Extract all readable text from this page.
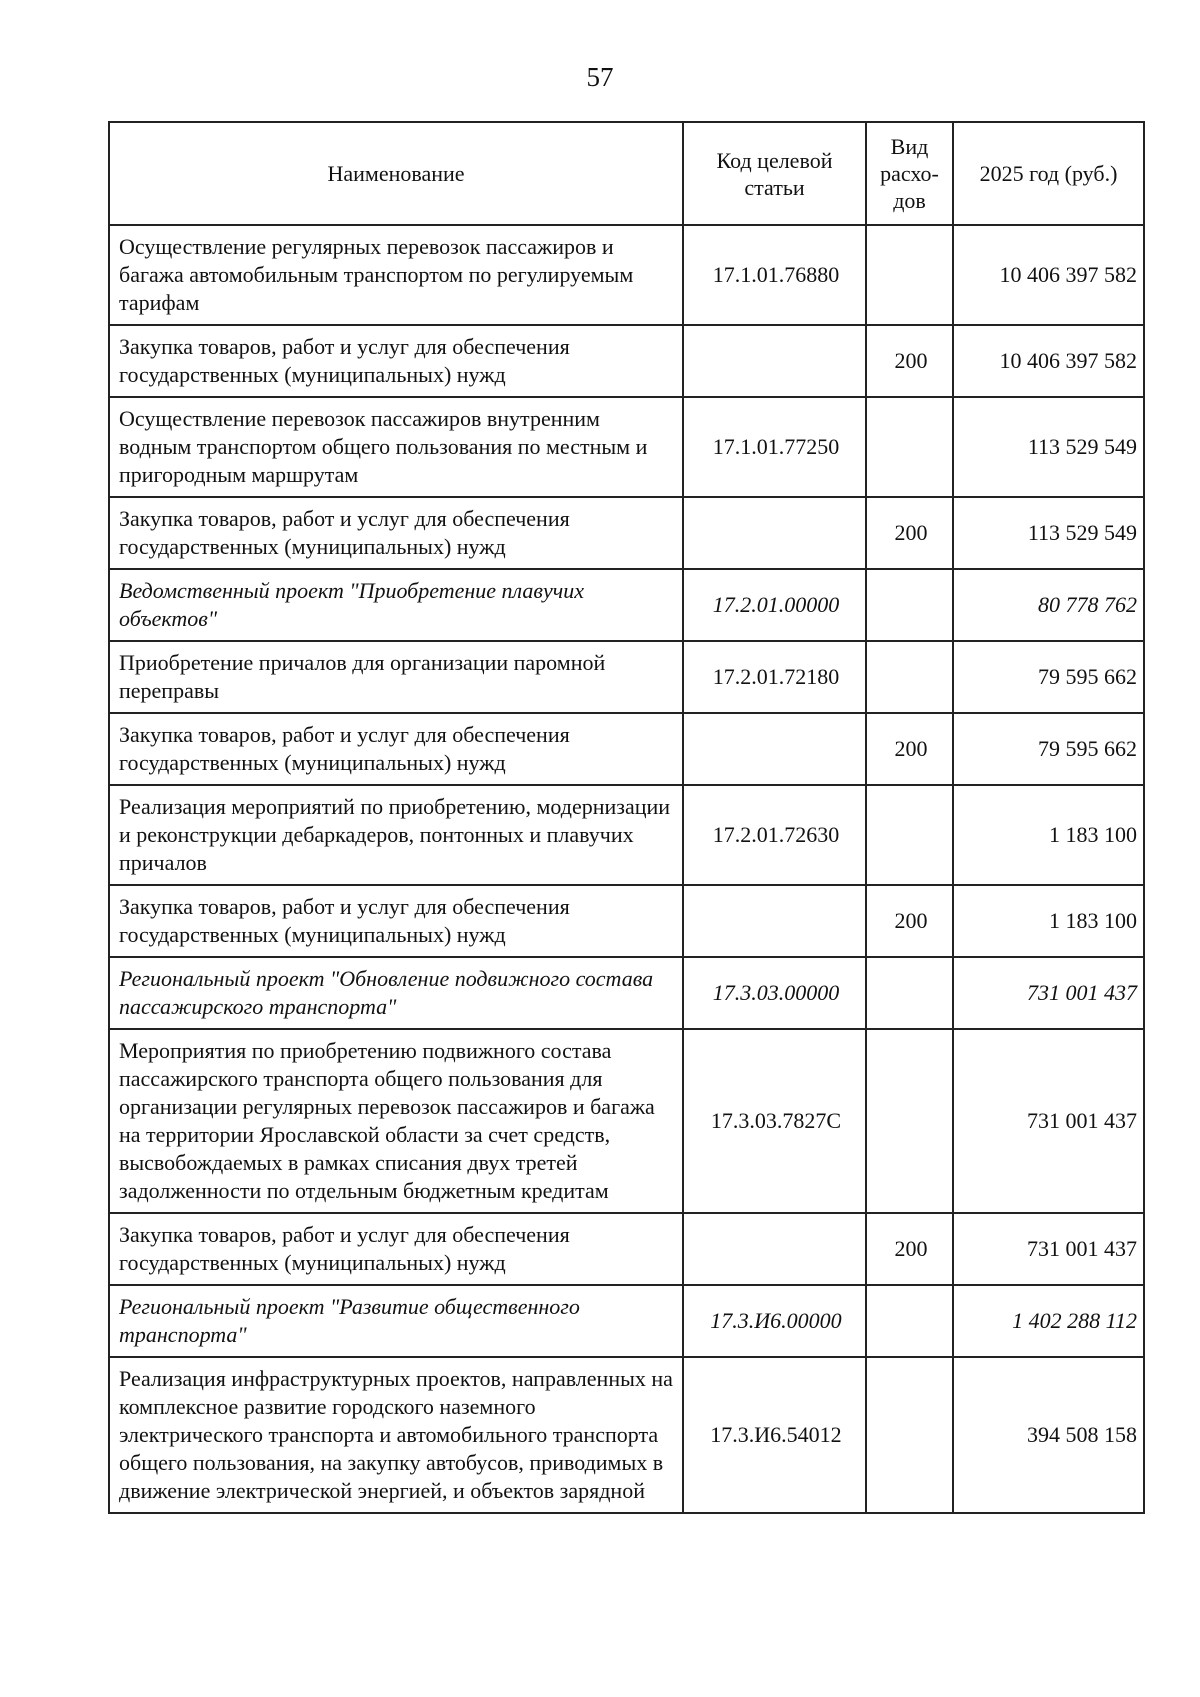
57
Наименование	Код целевой статьи	Вид расхо-дов	2025 год (руб.)
Осуществление регулярных перевозок пассажиров и багажа автомобильным транспортом по регулируемым тарифам	17.1.01.76880		10 406 397 582
Закупка товаров, работ и услуг для обеспечения государственных (муниципальных) нужд		200	10 406 397 582
Осуществление перевозок пассажиров внутренним водным транспортом общего пользования по местным и пригородным маршрутам	17.1.01.77250		113 529 549
Закупка товаров, работ и услуг для обеспечения государственных (муниципальных) нужд		200	113 529 549
Ведомственный проект "Приобретение плавучих объектов"	17.2.01.00000		80 778 762
Приобретение причалов для организации паромной переправы	17.2.01.72180		79 595 662
Закупка товаров, работ и услуг для обеспечения государственных (муниципальных) нужд		200	79 595 662
Реализация мероприятий по приобретению, модернизации и реконструкции дебаркадеров, понтонных и плавучих причалов	17.2.01.72630		1 183 100
Закупка товаров, работ и услуг для обеспечения государственных (муниципальных) нужд		200	1 183 100
Региональный проект "Обновление подвижного состава пассажирского транспорта"	17.3.03.00000		731 001 437
Мероприятия по приобретению подвижного состава пассажирского транспорта общего пользования для организации регулярных перевозок пассажиров и багажа на территории Ярославской области за счет средств, высвобождаемых в рамках списания двух третей задолженности по отдельным бюджетным кредитам	17.3.03.7827С		731 001 437
Закупка товаров, работ и услуг для обеспечения государственных (муниципальных) нужд		200	731 001 437
Региональный проект "Развитие общественного транспорта"	17.3.И6.00000		1 402 288 112
Реализация инфраструктурных проектов, направленных на комплексное развитие городского наземного электрического транспорта и автомобильного транспорта общего пользования, на закупку автобусов, приводимых в движение электрической энергией, и объектов зарядной	17.3.И6.54012		394 508 158
